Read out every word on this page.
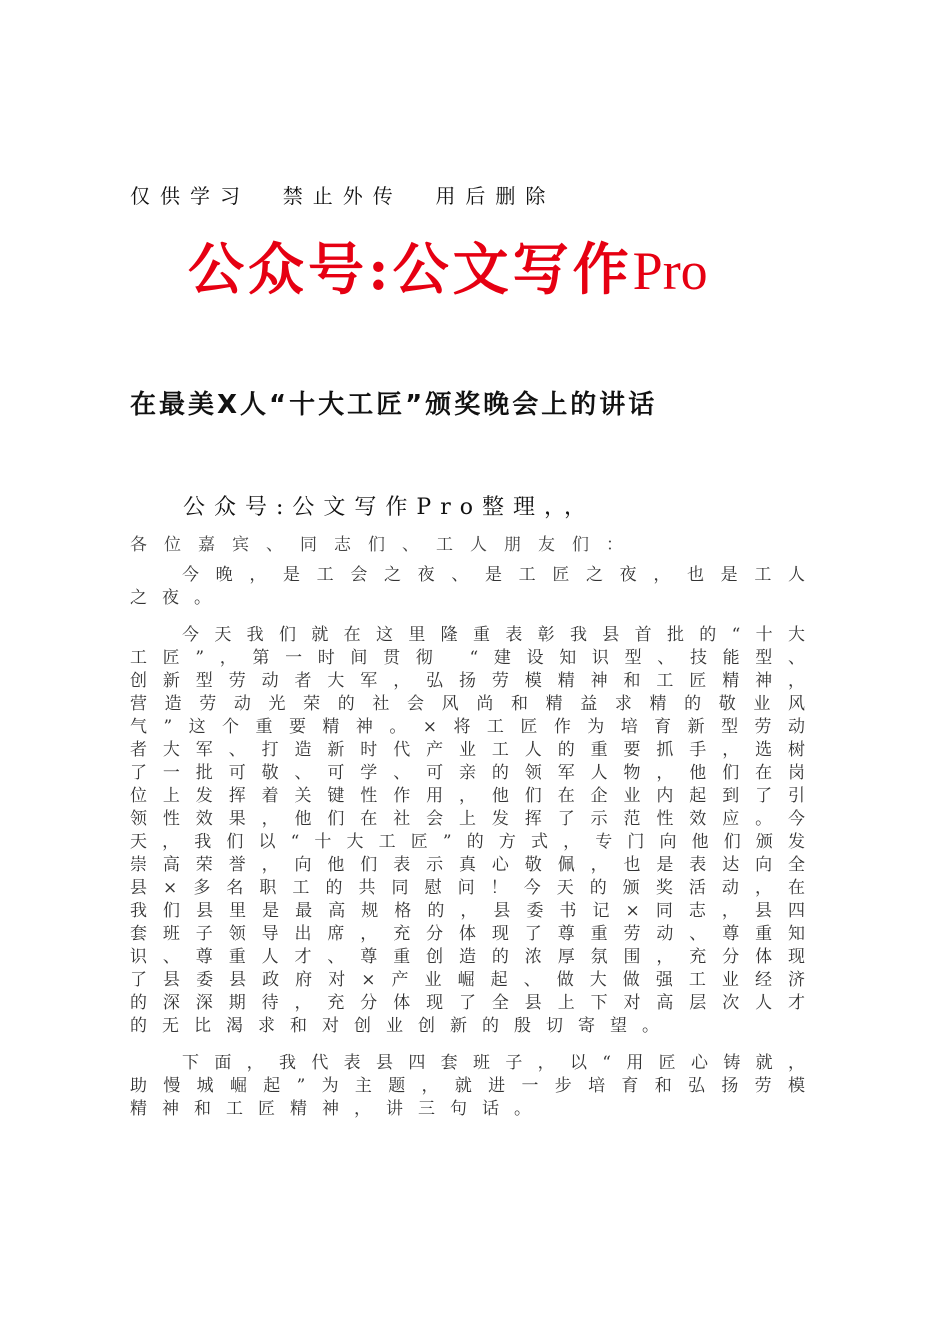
仅供学习  禁止外传  用后删除
公众号:公文写作Pro
在最美X人“十大工匠”颁奖晚会上的讲话
公众号:公文写作Pro整理，，
各位嘉宾、同志们、工人朋友们：

今晚，是工会之夜、是工匠之夜，也是工人之夜。

今天我们就在这里隆重表彰我县首批的“十大工匠”，第一时间贯彻 “建设知识型、技能型、创新型劳动者大军，弘扬劳模精神和工匠精神，营造劳动光荣的社会风尚和精益求精的敬业风气”这个重要精神。×将工匠作为培育新型劳动者大军、打造新时代产业工人的重要抓手，选树了一批可敬、可学、可亲的领军人物，他们在岗位上发挥着关键性作用，他们在企业内起到了引领性效果，他们在社会上发挥了示范性效应。今天，我们以“十大工匠”的方式，专门向他们颁发崇高荣誉，向他们表示真心敬佩，也是表达向全县×多名职工的共同慰问！今天的颁奖活动，在我们县里是最高规格的，县委书记×同志，县四套班子领导出席，充分体现了尊重劳动、尊重知识、尊重人才、尊重创造的浓厚氛围，充分体现了县委县政府对×产业崛起、做大做强工业经济的深深期待，充分体现了全县上下对高层次人才的无比渴求和对创业创新的殷切寄望。

下面，我代表县四套班子，以“用匠心铸就，助慢城崛起”为主题，就进一步培育和弘扬劳模精神和工匠精神，讲三句话。
